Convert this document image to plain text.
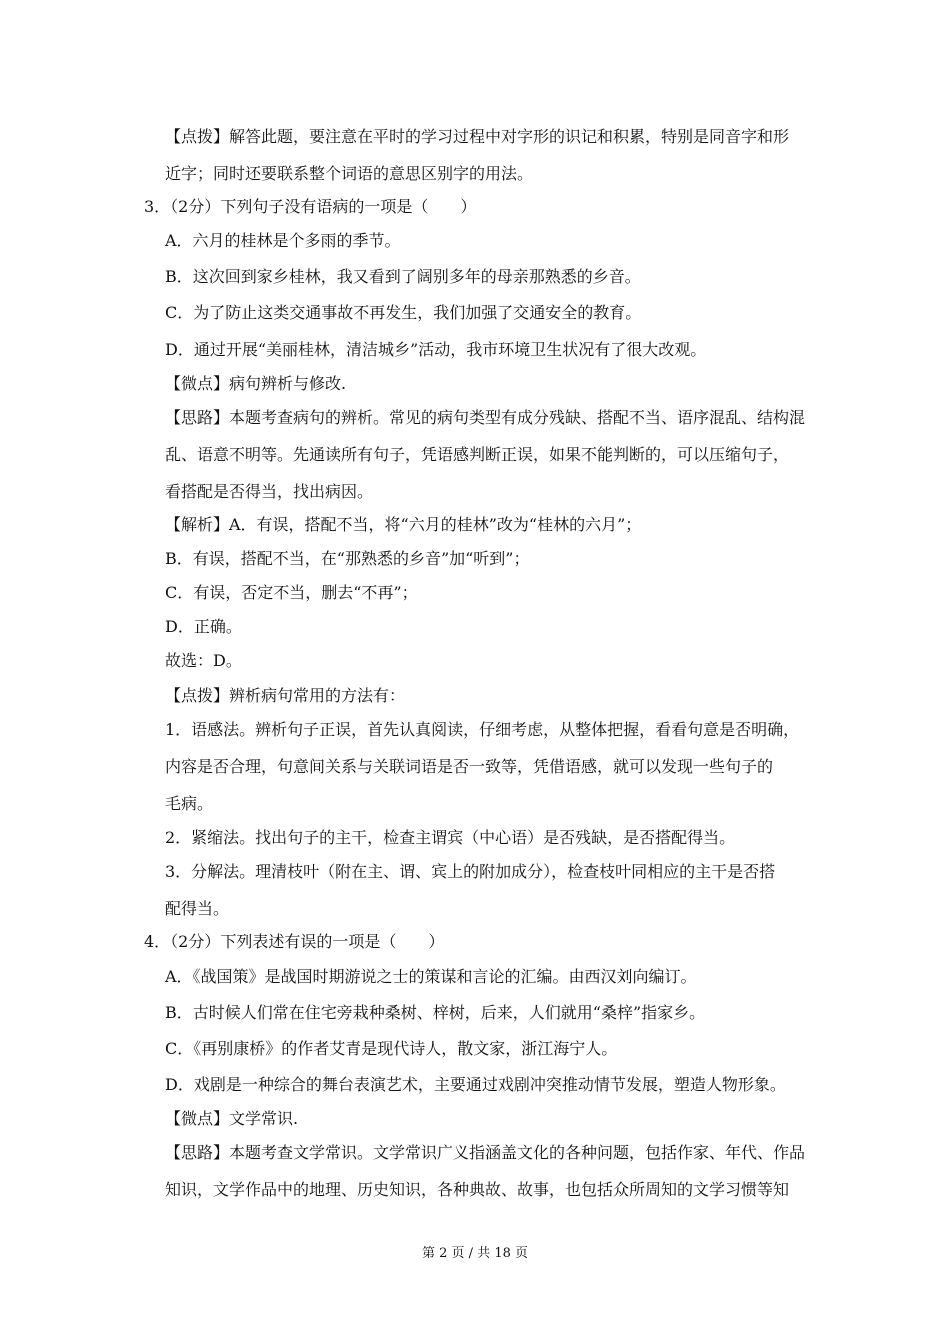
【点拨】解答此题，要注意在平时的学习过程中对字形的识记和积累，特别是同音字和形
近字；同时还要联系整个词语的意思区别字的用法。
3．（2分）下列句子没有语病的一项是（　　）
A．六月的桂林是个多雨的季节。
B．这次回到家乡桂林，我又看到了阔别多年的母亲那熟悉的乡音。
C．为了防止这类交通事故不再发生，我们加强了交通安全的教育。
D．通过开展“美丽桂林，清洁城乡”活动，我市环境卫生状况有了很大改观。
【微点】病句辨析与修改.
【思路】本题考查病句的辨析。常见的病句类型有成分残缺、搭配不当、语序混乱、结构混
乱、语意不明等。先通读所有句子，凭语感判断正误，如果不能判断的，可以压缩句子，
看搭配是否得当，找出病因。
【解析】A．有误，搭配不当，将“六月的桂林”改为“桂林的六月”；
B．有误，搭配不当，在“那熟悉的乡音”加“听到”；
C．有误，否定不当，删去“不再”；
D．正确。
故选：D。
【点拨】辨析病句常用的方法有：
1．语感法。辨析句子正误，首先认真阅读，仔细考虑，从整体把握，看看句意是否明确，
内容是否合理，句意间关系与关联词语是否一致等，凭借语感，就可以发现一些句子的
毛病。
2．紧缩法。找出句子的主干，检查主谓宾（中心语）是否残缺，是否搭配得当。
3．分解法。理清枝叶（附在主、谓、宾上的附加成分），检查枝叶同相应的主干是否搭
配得当。
4．（2分）下列表述有误的一项是（　　）
A．《战国策》是战国时期游说之士的策谋和言论的汇编。由西汉刘向编订。
B．古时候人们常在住宅旁栽种桑树、梓树，后来，人们就用“桑梓”指家乡。
C．《再别康桥》的作者艾青是现代诗人，散文家，浙江海宁人。
D．戏剧是一种综合的舞台表演艺术，主要通过戏剧冲突推动情节发展，塑造人物形象。
【微点】文学常识.
【思路】本题考查文学常识。文学常识广义指涵盖文化的各种问题，包括作家、年代、作品
知识，文学作品中的地理、历史知识，各种典故、故事，也包括众所周知的文学习惯等知
第 2 页 / 共 18 页
